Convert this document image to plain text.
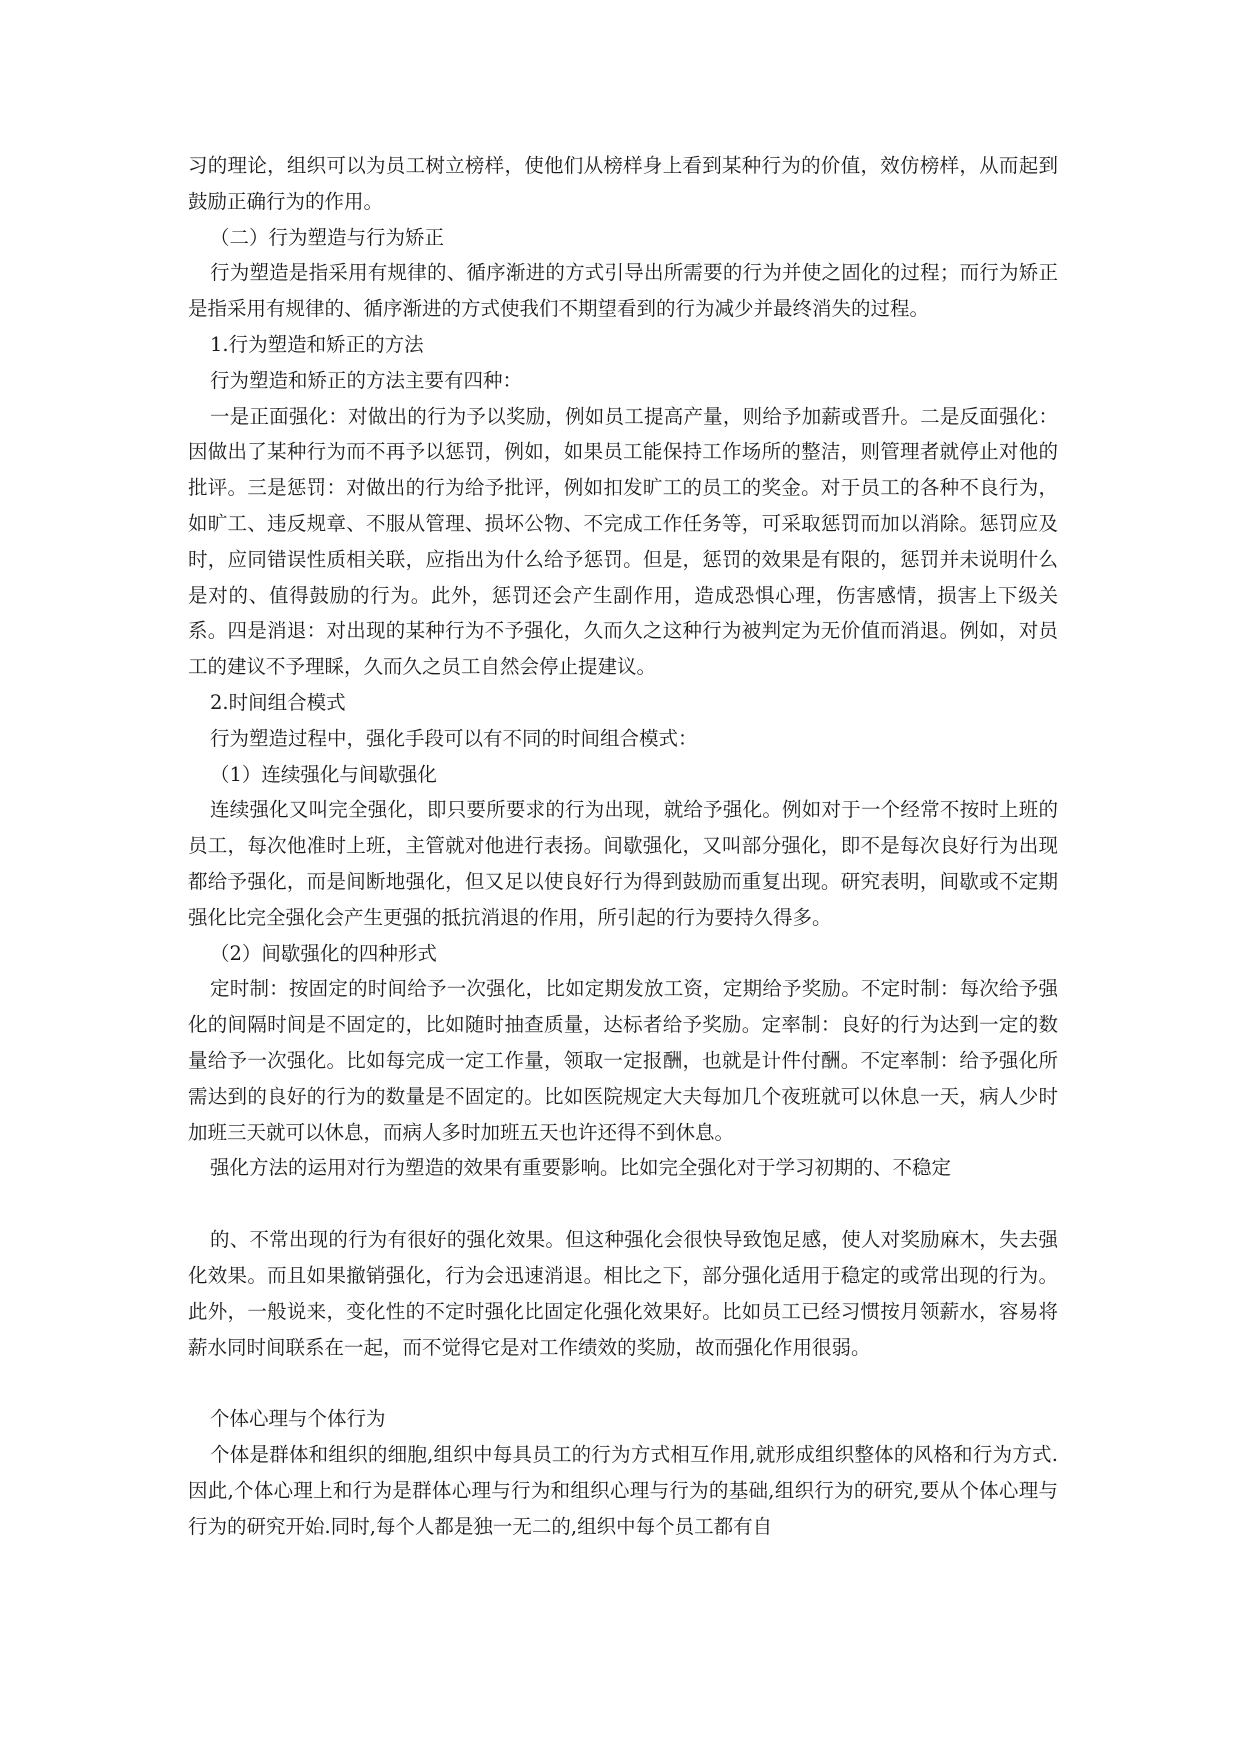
习的理论，组织可以为员工树立榜样，使他们从榜样身上看到某种行为的价值，效仿榜样，从而起到鼓励正确行为的作用。

（二）行为塑造与行为矫正

行为塑造是指采用有规律的、循序渐进的方式引导出所需要的行为并使之固化的过程；而行为矫正是指采用有规律的、循序渐进的方式使我们不期望看到的行为减少并最终消失的过程。

1.行为塑造和矫正的方法

行为塑造和矫正的方法主要有四种：

一是正面强化：对做出的行为予以奖励，例如员工提高产量，则给予加薪或晋升。二是反面强化：因做出了某种行为而不再予以惩罚，例如，如果员工能保持工作场所的整洁，则管理者就停止对他的批评。三是惩罚：对做出的行为给予批评，例如扣发旷工的员工的奖金。对于员工的各种不良行为，如旷工、违反规章、不服从管理、损坏公物、不完成工作任务等，可采取惩罚而加以消除。惩罚应及时，应同错误性质相关联，应指出为什么给予惩罚。但是，惩罚的效果是有限的，惩罚并未说明什么是对的、值得鼓励的行为。此外，惩罚还会产生副作用，造成恐惧心理，伤害感情，损害上下级关系。四是消退：对出现的某种行为不予强化，久而久之这种行为被判定为无价值而消退。例如，对员工的建议不予理睬，久而久之员工自然会停止提建议。

2.时间组合模式

行为塑造过程中，强化手段可以有不同的时间组合模式：

（1）连续强化与间歇强化

连续强化又叫完全强化，即只要所要求的行为出现，就给予强化。例如对于一个经常不按时上班的员工，每次他准时上班，主管就对他进行表扬。间歇强化，又叫部分强化，即不是每次良好行为出现都给予强化，而是间断地强化，但又足以使良好行为得到鼓励而重复出现。研究表明，间歇或不定期强化比完全强化会产生更强的抵抗消退的作用，所引起的行为要持久得多。

（2）间歇强化的四种形式

定时制：按固定的时间给予一次强化，比如定期发放工资，定期给予奖励。不定时制：每次给予强化的间隔时间是不固定的，比如随时抽查质量，达标者给予奖励。定率制：良好的行为达到一定的数量给予一次强化。比如每完成一定工作量，领取一定报酬，也就是计件付酬。不定率制：给予强化所需达到的良好的行为的数量是不固定的。比如医院规定大夫每加几个夜班就可以休息一天，病人少时加班三天就可以休息，而病人多时加班五天也许还得不到休息。

强化方法的运用对行为塑造的效果有重要影响。比如完全强化对于学习初期的、不稳定

的、不常出现的行为有很好的强化效果。但这种强化会很快导致饱足感，使人对奖励麻木，失去强化效果。而且如果撤销强化，行为会迅速消退。相比之下，部分强化适用于稳定的或常出现的行为。此外，一般说来，变化性的不定时强化比固定化强化效果好。比如员工已经习惯按月领薪水，容易将薪水同时间联系在一起，而不觉得它是对工作绩效的奖励，故而强化作用很弱。

个体心理与个体行为

个体是群体和组织的细胞,组织中每具员工的行为方式相互作用,就形成组织整体的风格和行为方式.因此,个体心理上和行为是群体心理与行为和组织心理与行为的基础,组织行为的研究,要从个体心理与行为的研究开始.同时,每个人都是独一无二的,组织中每个员工都有自
